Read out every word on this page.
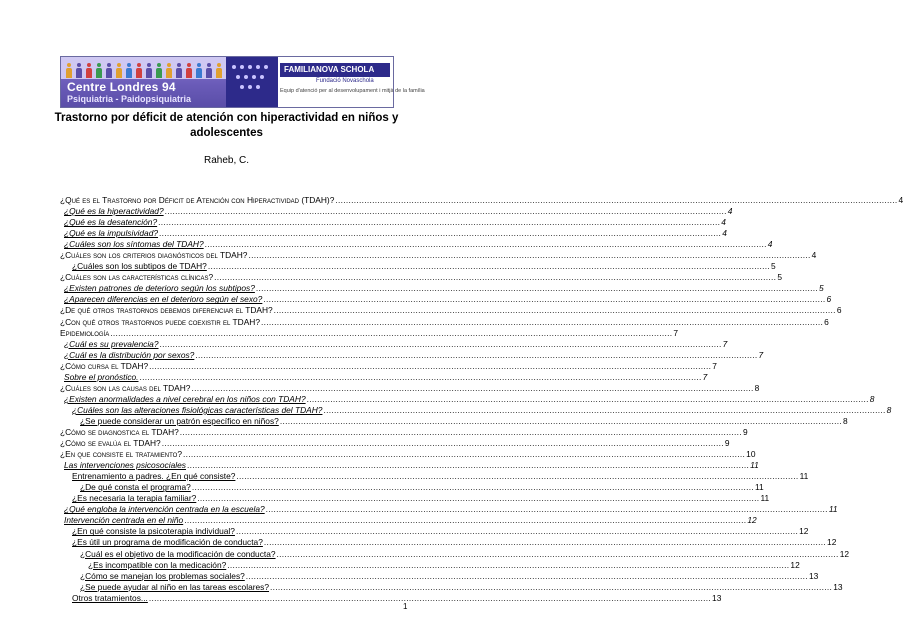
Centre Londres 94
Psiquiatria - Paidopsiquiatria
FAMILIANOVA SCHOLA
Fundació Novaschola
Equip d'atenció per al desenvolupament i mitjà de la família
Trastorno por déficit de atención con hiperactividad en niños y adolescentes
Raheb, C.
¿Qué es el Trastorno por Déficit de Atención con Hiperactividad (TDAH)? .....	4
¿Qué es la hiperactividad? .....	4
¿Qué es la desatención? .....	4
¿Qué es la impulsividad? .....	4
¿Cuáles son los síntomas del TDAH? .....	4
¿Cuáles son los criterios diagnósticos del TDAH? .....	4
¿Cuáles son los subtipos de TDAH? .....	5
¿Cuáles son las características clínicas? .....	5
¿Existen patrones de deterioro según los subtipos? .....	5
¿Aparecen diferencias en el deterioro según el sexo? .....	6
¿De qué otros trastornos debemos diferenciar el TDAH? .....	6
¿Con qué otros trastornos puede coexistir el TDAH? .....	6
Epidemiología .....	7
¿Cuál es su prevalencia? .....	7
¿Cuál es la distribución por sexos? .....	7
¿Cómo cursa el TDAH? .....	7
Sobre el pronóstico. .....	7
¿Cuáles son las causas del TDAH? .....	8
¿Existen anormalidades a nivel cerebral en los niños con TDAH? .....	8
¿Cuáles son las alteraciones fisiológicas características del TDAH? .....	8
¿Se puede considerar un patrón específico en niños? .....	8
¿Cómo se diagnostica el TDAH? .....	9
¿Cómo se evalúa el TDAH? .....	9
¿En que consiste el tratamiento? .....	10
Las intervenciones psicosociales .....	11
Entrenamiento a padres. ¿En qué consiste? .....	11
¿De qué consta el programa? .....	11
¿Es necesaria la terapia familiar? .....	11
¿Qué engloba la intervención centrada en la escuela? .....	11
Intervención centrada en el niño .....	12
¿En qué consiste la psicoterapia individual? .....	12
¿Es útil un programa de modificación de conducta? .....	12
¿Cuál es el objetivo de la modificación de conducta? .....	12
¿Es incompatible con la medicación? .....	12
¿Cómo se manejan los problemas sociales? .....	13
¿Se puede ayudar al niño en las tareas escolares? .....	13
Otros tratamientos... .....	13
1
